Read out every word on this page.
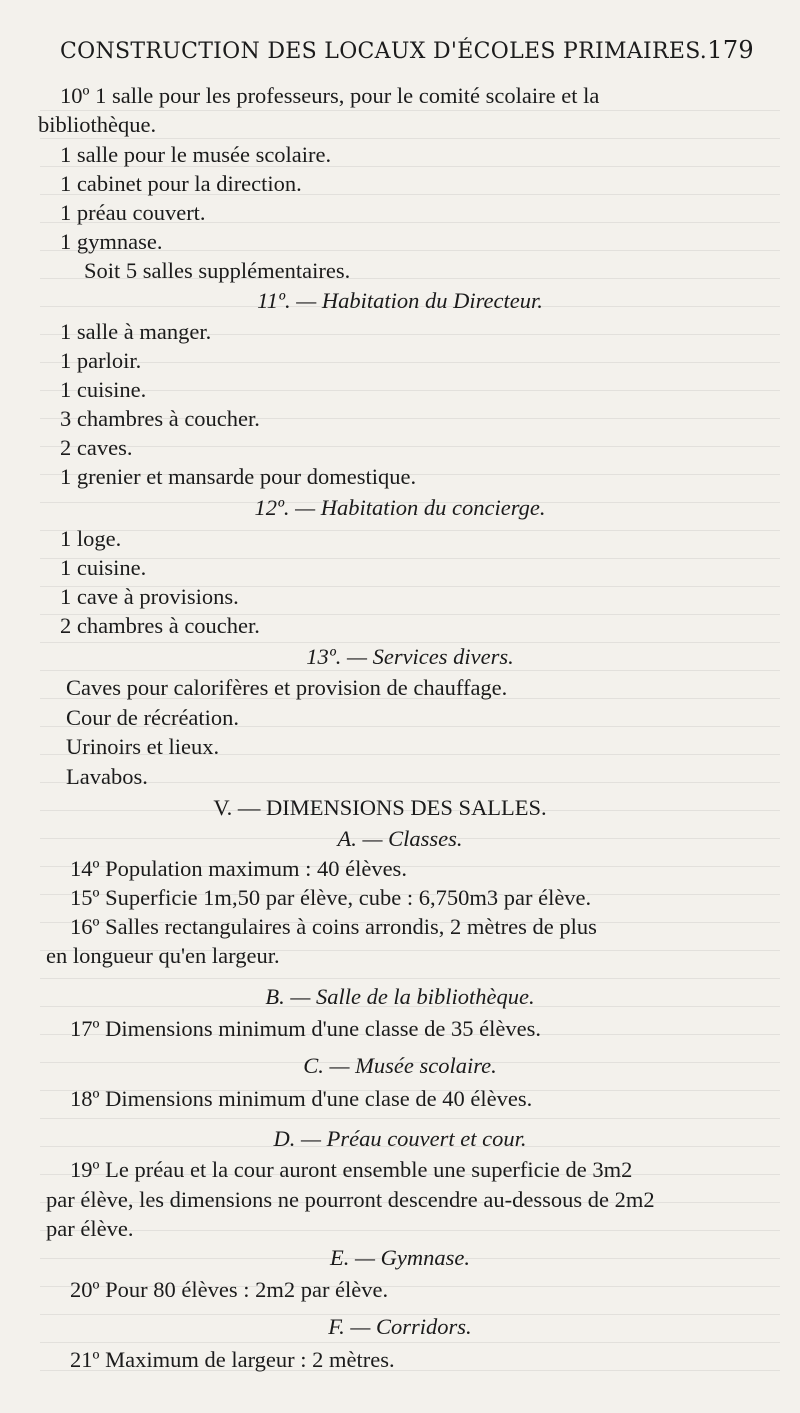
CONSTRUCTION DES LOCAUX D'ÉCOLES PRIMAIRES. 179
10º 1 salle pour les professeurs, pour le comité scolaire et la
bibliothèque.
1 salle pour le musée scolaire.
1 cabinet pour la direction.
1 préau couvert.
1 gymnase.
Soit 5 salles supplémentaires.
11º. — Habitation du Directeur.
1 salle à manger.
1 parloir.
1 cuisine.
3 chambres à coucher.
2 caves.
1 grenier et mansarde pour domestique.
12º. — Habitation du concierge.
1 loge.
1 cuisine.
1 cave à provisions.
2 chambres à coucher.
13º. — Services divers.
Caves pour calorifères et provision de chauffage.
Cour de récréation.
Urinoirs et lieux.
Lavabos.
V. — DIMENSIONS DES SALLES.
A. — Classes.
14º Population maximum : 40 élèves.
15º Superficie 1m,50 par élève, cube : 6,750m3 par élève.
16º Salles rectangulaires à coins arrondis, 2 mètres de plus
en longueur qu'en largeur.
B. — Salle de la bibliothèque.
17º Dimensions minimum d'une classe de 35 élèves.
C. — Musée scolaire.
18º Dimensions minimum d'une clase de 40 élèves.
D. — Préau couvert et cour.
19º Le préau et la cour auront ensemble une superficie de 3m2
par élève, les dimensions ne pourront descendre au-dessous de 2m2
par élève.
E. — Gymnase.
20º Pour 80 élèves : 2m2 par élève.
F. — Corridors.
21º Maximum de largeur : 2 mètres.
